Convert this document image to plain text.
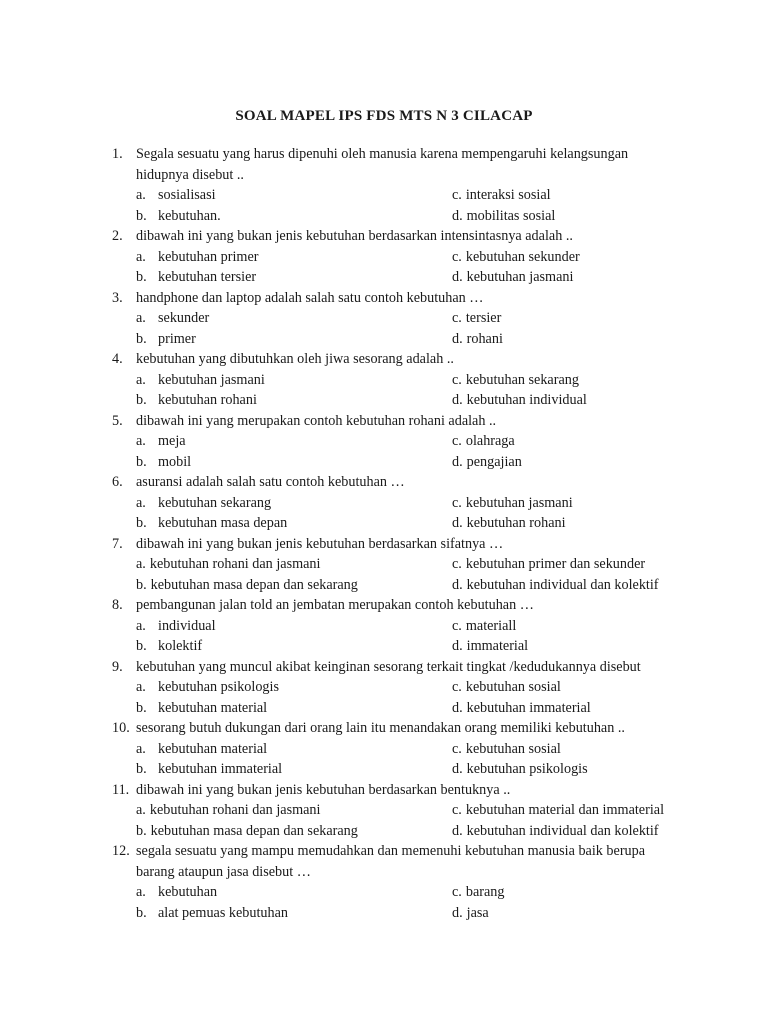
SOAL MAPEL IPS FDS MTS N 3 CILACAP
1. Segala sesuatu yang harus dipenuhi oleh manusia karena mempengaruhi kelangsungan
hidupnya disebut ..
a. sosialisasi	c. interaksi sosial
b. kebutuhan.	d. mobilitas sosial
2. dibawah ini yang bukan jenis kebutuhan berdasarkan intensintasnya adalah ..
a. kebutuhan primer	c. kebutuhan sekunder
b. kebutuhan tersier	d. kebutuhan jasmani
3. handphone dan laptop adalah salah satu contoh kebutuhan …
a. sekunder	c. tersier
b. primer	d. rohani
4. kebutuhan yang dibutuhkan oleh jiwa sesorang adalah ..
a. kebutuhan jasmani	c. kebutuhan sekarang
b. kebutuhan rohani	d. kebutuhan individual
5. dibawah ini yang merupakan contoh kebutuhan rohani adalah ..
a. meja	c. olahraga
b. mobil	d. pengajian
6. asuransi adalah salah satu contoh kebutuhan …
a. kebutuhan sekarang	c. kebutuhan jasmani
b. kebutuhan masa depan	d. kebutuhan rohani
7. dibawah ini yang bukan jenis kebutuhan berdasarkan sifatnya …
a. kebutuhan rohani dan jasmani	c. kebutuhan primer dan sekunder
b. kebutuhan masa depan dan sekarang	d. kebutuhan individual dan kolektif
8. pembangunan jalan told an jembatan merupakan contoh kebutuhan …
a. individual	c. materiall
b. kolektif	d. immaterial
9. kebutuhan yang muncul akibat keinginan sesorang terkait tingkat /kedudukannya disebut
a. kebutuhan psikologis	c. kebutuhan sosial
b. kebutuhan material	d. kebutuhan immaterial
10. sesorang butuh dukungan dari orang lain itu menandakan orang memiliki kebutuhan ..
a. kebutuhan material	c. kebutuhan sosial
b. kebutuhan immaterial	d. kebutuhan psikologis
11. dibawah ini yang bukan jenis kebutuhan berdasarkan bentuknya ..
a. kebutuhan rohani dan jasmani	c. kebutuhan material dan immaterial
b. kebutuhan masa depan dan sekarang	d. kebutuhan individual dan kolektif
12. segala sesuatu yang mampu memudahkan dan memenuhi kebutuhan manusia baik berupa
barang ataupun jasa disebut …
a. kebutuhan	c. barang
b. alat pemuas kebutuhan	d. jasa
